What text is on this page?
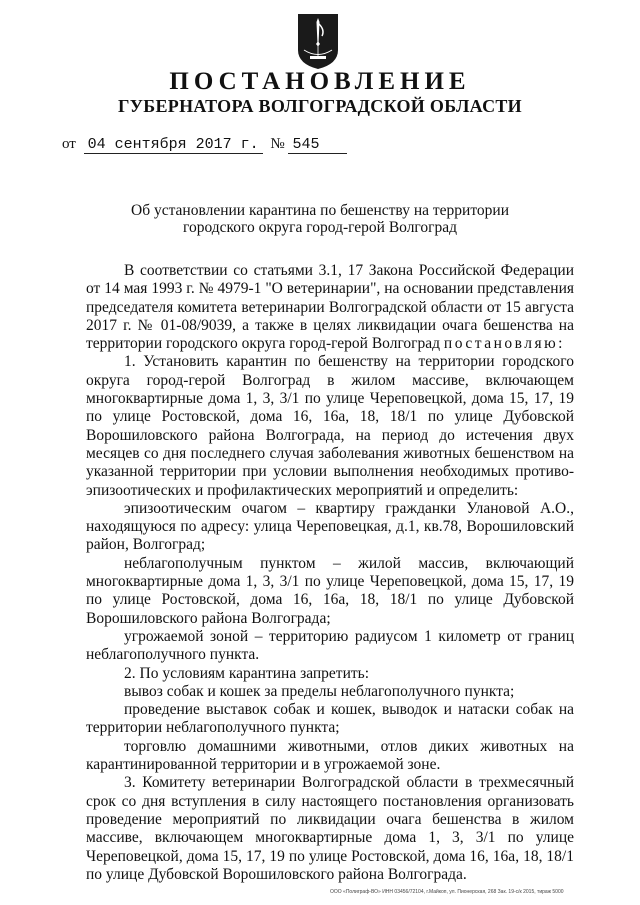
ПОСТАНОВЛЕНИЕ
ГУБЕРНАТОРА ВОЛГОГРАДСКОЙ ОБЛАСТИ
от 04 сентября 2017 г. № 545
Об установлении карантина по бешенству на территории
городского округа город-герой Волгоград

В соответствии со статьями 3.1, 17 Закона Российской Федерации от 14 мая 1993 г. № 4979-1 "О ветеринарии", на основании представления председателя комитета ветеринарии Волгоградской области от 15 августа 2017 г. № 01-08/9039, а также в целях ликвидации очага бешенства на территории городского округа город-герой Волгоград постановляю:

1. Установить карантин по бешенству на территории городского округа город-герой Волгоград в жилом массиве, включающем многоквартирные дома 1, 3, 3/1 по улице Череповецкой, дома 15, 17, 19 по улице Ростовской, дома 16, 16а, 18, 18/1 по улице Дубовской Ворошиловского района Волгограда, на период до истечения двух месяцев со дня последнего случая заболевания животных бешенством на указанной территории при условии выполнения необходимых противо-эпизоотических и профилактических мероприятий и определить:

эпизоотическим очагом – квартиру гражданки Улановой А.О., находящуюся по адресу: улица Череповецкая, д.1, кв.78, Ворошиловский район, Волгоград;

неблагополучным пунктом – жилой массив, включающий многоквартирные дома 1, 3, 3/1 по улице Череповецкой, дома 15, 17, 19 по улице Ростовской, дома 16, 16а, 18, 18/1 по улице Дубовской Ворошиловского района Волгограда;

угрожаемой зоной – территорию радиусом 1 километр от границ неблагополучного пункта.

2. По условиям карантина запретить:

вывоз собак и кошек за пределы неблагополучного пункта;

проведение выставок собак и кошек, выводок и натаски собак на территории неблагополучного пункта;

торговлю домашними животными, отлов диких животных на карантинированной территории и в угрожаемой зоне.

3. Комитету ветеринарии Волгоградской области в трехмесячный срок со дня вступления в силу настоящего постановления организовать проведение мероприятий по ликвидации очага бешенства в жилом массиве, включающем многоквартирные дома 1, 3, 3/1 по улице Череповецкой, дома 15, 17, 19 по улице Ростовской, дома 16, 16а, 18, 18/1 по улице Дубовской Ворошиловского района Волгограда.

ООО «Полиграф-ВО» ИНН 03456/72104, г.Майкоп, ул. Пионерская, 268 Зак. 19-с/к 2015, тираж 5000
